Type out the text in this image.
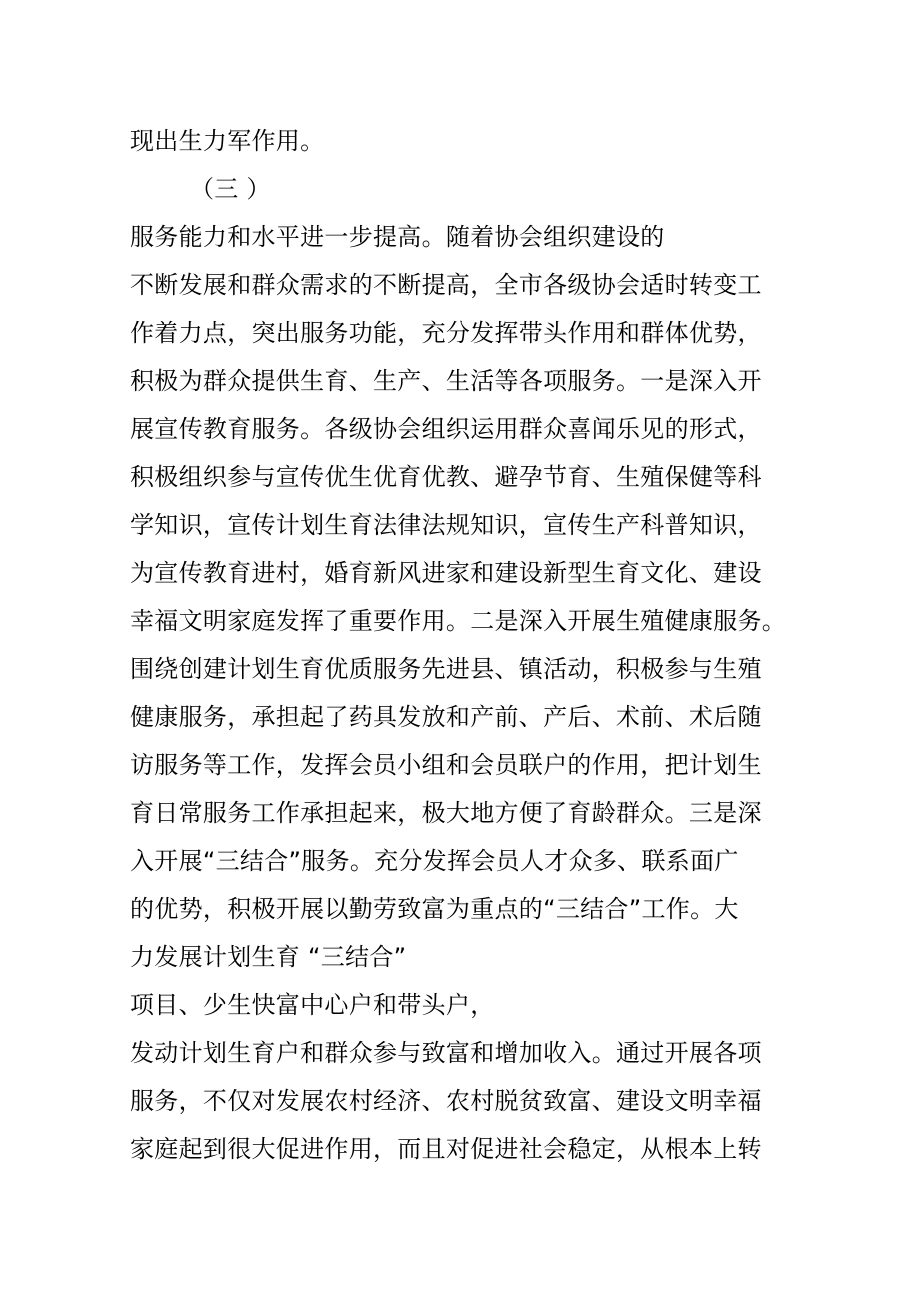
现出生力军作用。
（三 ）
服务能力和水平进一步提高。随着协会组织建设的
不断发展和群众需求的不断提高，全市各级协会适时转变工
作着力点，突出服务功能，充分发挥带头作用和群体优势，
积极为群众提供生育、生产、生活等各项服务。一是深入开
展宣传教育服务。各级协会组织运用群众喜闻乐见的形式，
积极组织参与宣传优生优育优教、避孕节育、生殖保健等科
学知识，宣传计划生育法律法规知识，宣传生产科普知识，
为宣传教育进村，婚育新风进家和建设新型生育文化、建设
幸福文明家庭发挥了重要作用。二是深入开展生殖健康服务。
围绕创建计划生育优质服务先进县、镇活动，积极参与生殖
健康服务，承担起了药具发放和产前、产后、术前、术后随
访服务等工作，发挥会员小组和会员联户的作用，把计划生
育日常服务工作承担起来，极大地方便了育龄群众。三是深
入开展“三结合”服务。充分发挥会员人才众多、联系面广
的优势，积极开展以勤劳致富为重点的“三结合”工作。大
力发展计划生育 “三结合”
项目、少生快富中心户和带头户，
发动计划生育户和群众参与致富和增加收入。通过开展各项
服务，不仅对发展农村经济、农村脱贫致富、建设文明幸福
家庭起到很大促进作用，而且对促进社会稳定，从根本上转
